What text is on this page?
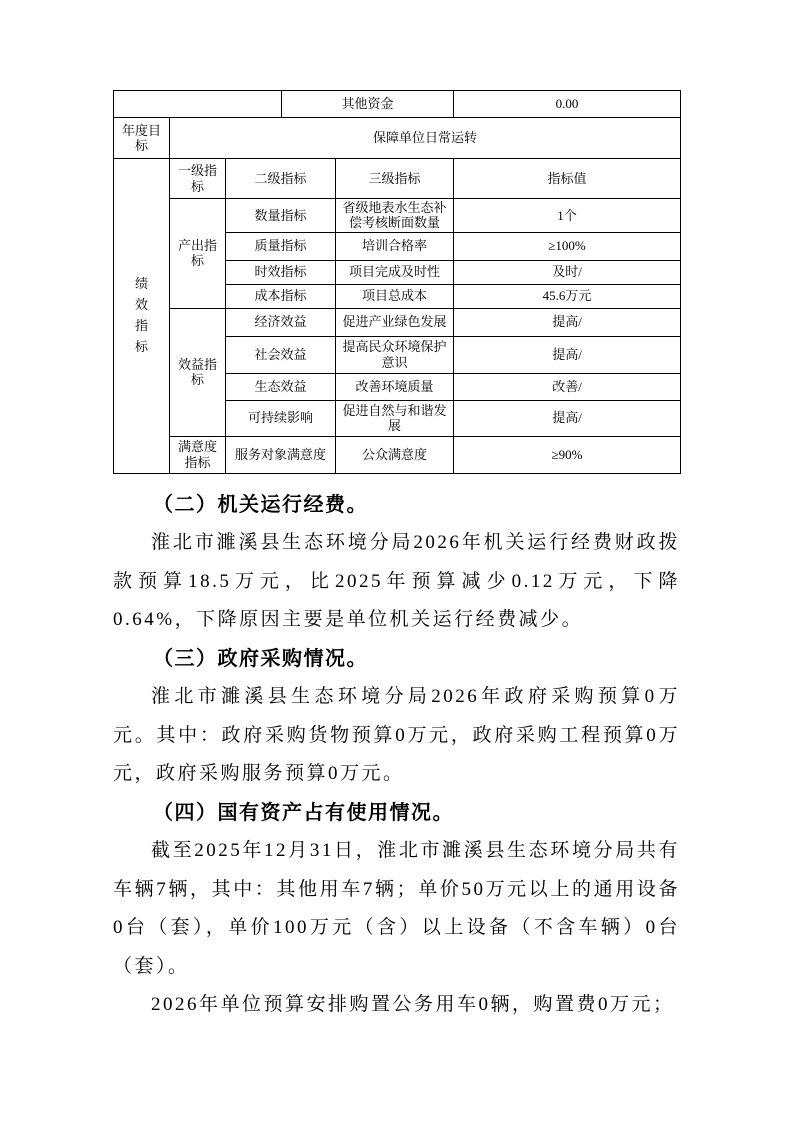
	其他资金	0.00
年度目标	保障单位日常运转
绩效指标	一级指标	二级指标	三级指标	指标值
	产出指标	数量指标	省级地表水生态补偿考核断面数量	1个
		质量指标	培训合格率	≥100%
		时效指标	项目完成及时性	及时/
		成本指标	项目总成本	45.6万元
	效益指标	经济效益	促进产业绿色发展	提高/
		社会效益	提高民众环境保护意识	提高/
		生态效益	改善环境质量	改善/
		可持续影响	促进自然与和谐发展	提高/
	满意度指标	服务对象满意度	公众满意度	≥90%
（二）机关运行经费。

淮北市濉溪县生态环境分局2026年机关运行经费财政拨款预算18.5万元，比2025年预算减少0.12万元，下降0.64%，下降原因主要是单位机关运行经费减少。

（三）政府采购情况。

淮北市濉溪县生态环境分局2026年政府采购预算0万元。其中：政府采购货物预算0万元，政府采购工程预算0万元，政府采购服务预算0万元。

（四）国有资产占有使用情况。

截至2025年12月31日，淮北市濉溪县生态环境分局共有车辆7辆，其中：其他用车7辆；单价50万元以上的通用设备0台（套），单价100万元（含）以上设备（不含车辆）0台（套）。

2026年单位预算安排购置公务用车0辆，购置费0万元；
